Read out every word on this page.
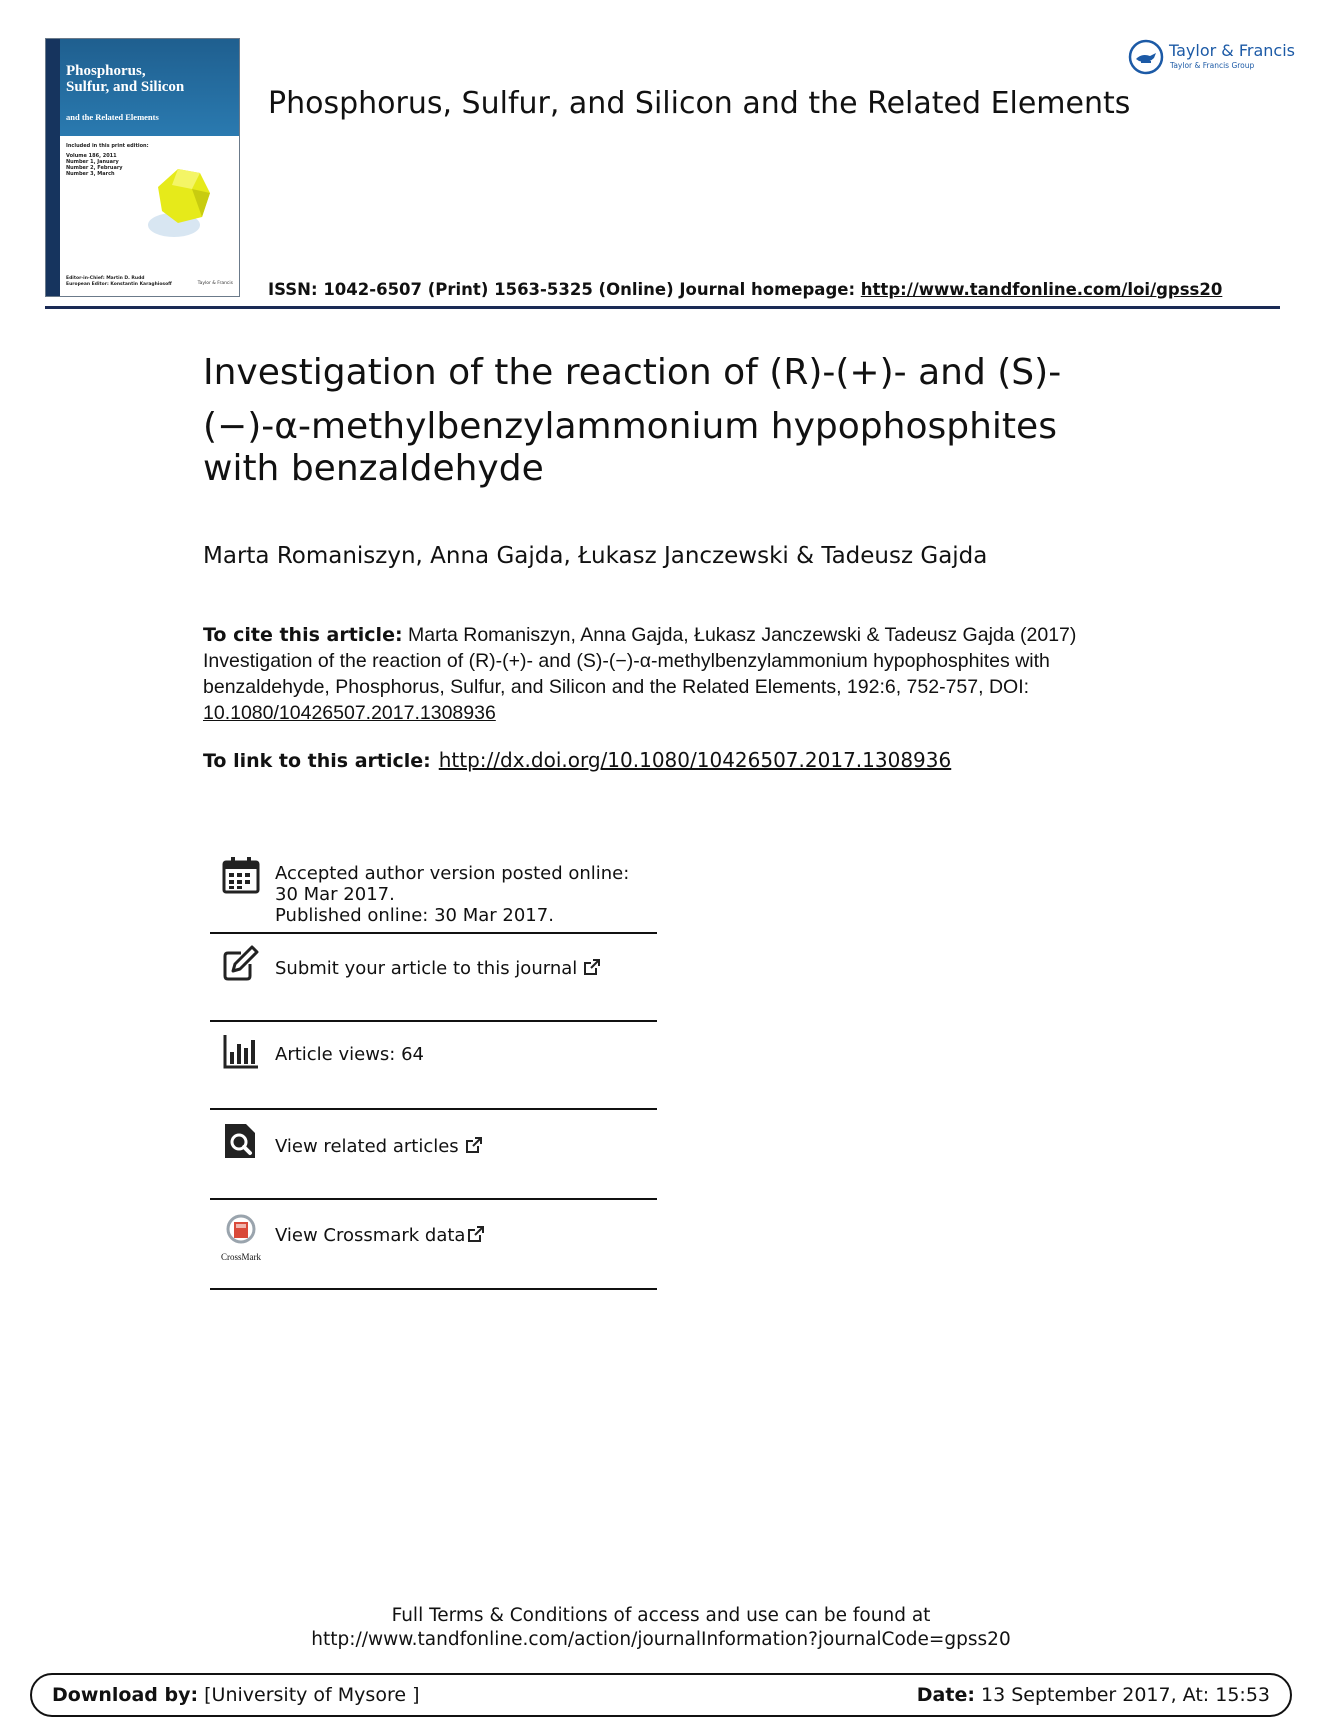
Phosphorus, Sulfur, and Silicon
and the Related Elements
Included in this print edition:
Volume 186, 2011
Number 1, January
Number 2, February
Number 3, March
Editor-in-Chief: Martin D. Rudd
European Editor: Konstantin Karaghiosoff	Taylor & Francis
Phosphorus, Sulfur, and Silicon and the Related Elements
Taylor & Francis
Taylor & Francis Group
ISSN: 1042-6507 (Print) 1563-5325 (Online) Journal homepage: http://www.tandfonline.com/loi/gpss20
Investigation of the reaction of (R)-(+)- and (S)-
(−)-α-methylbenzylammonium hypophosphites
with benzaldehyde
Marta Romaniszyn, Anna Gajda, Łukasz Janczewski & Tadeusz Gajda
To cite this article: Marta Romaniszyn, Anna Gajda, Łukasz Janczewski & Tadeusz Gajda (2017) Investigation of the reaction of (R)-(+)- and (S)-(−)-α-methylbenzylammonium hypophosphites with benzaldehyde, Phosphorus, Sulfur, and Silicon and the Related Elements, 192:6, 752-757, DOI: 10.1080/10426507.2017.1308936
To link to this article: http://dx.doi.org/10.1080/10426507.2017.1308936
Accepted author version posted online: 30 Mar 2017.
Published online: 30 Mar 2017.
Submit your article to this journal
Article views: 64
View related articles
CrossMark
View Crossmark data
Full Terms & Conditions of access and use can be found at
http://www.tandfonline.com/action/journalInformation?journalCode=gpss20
Download by: [University of Mysore ]	Date: 13 September 2017, At: 15:53
